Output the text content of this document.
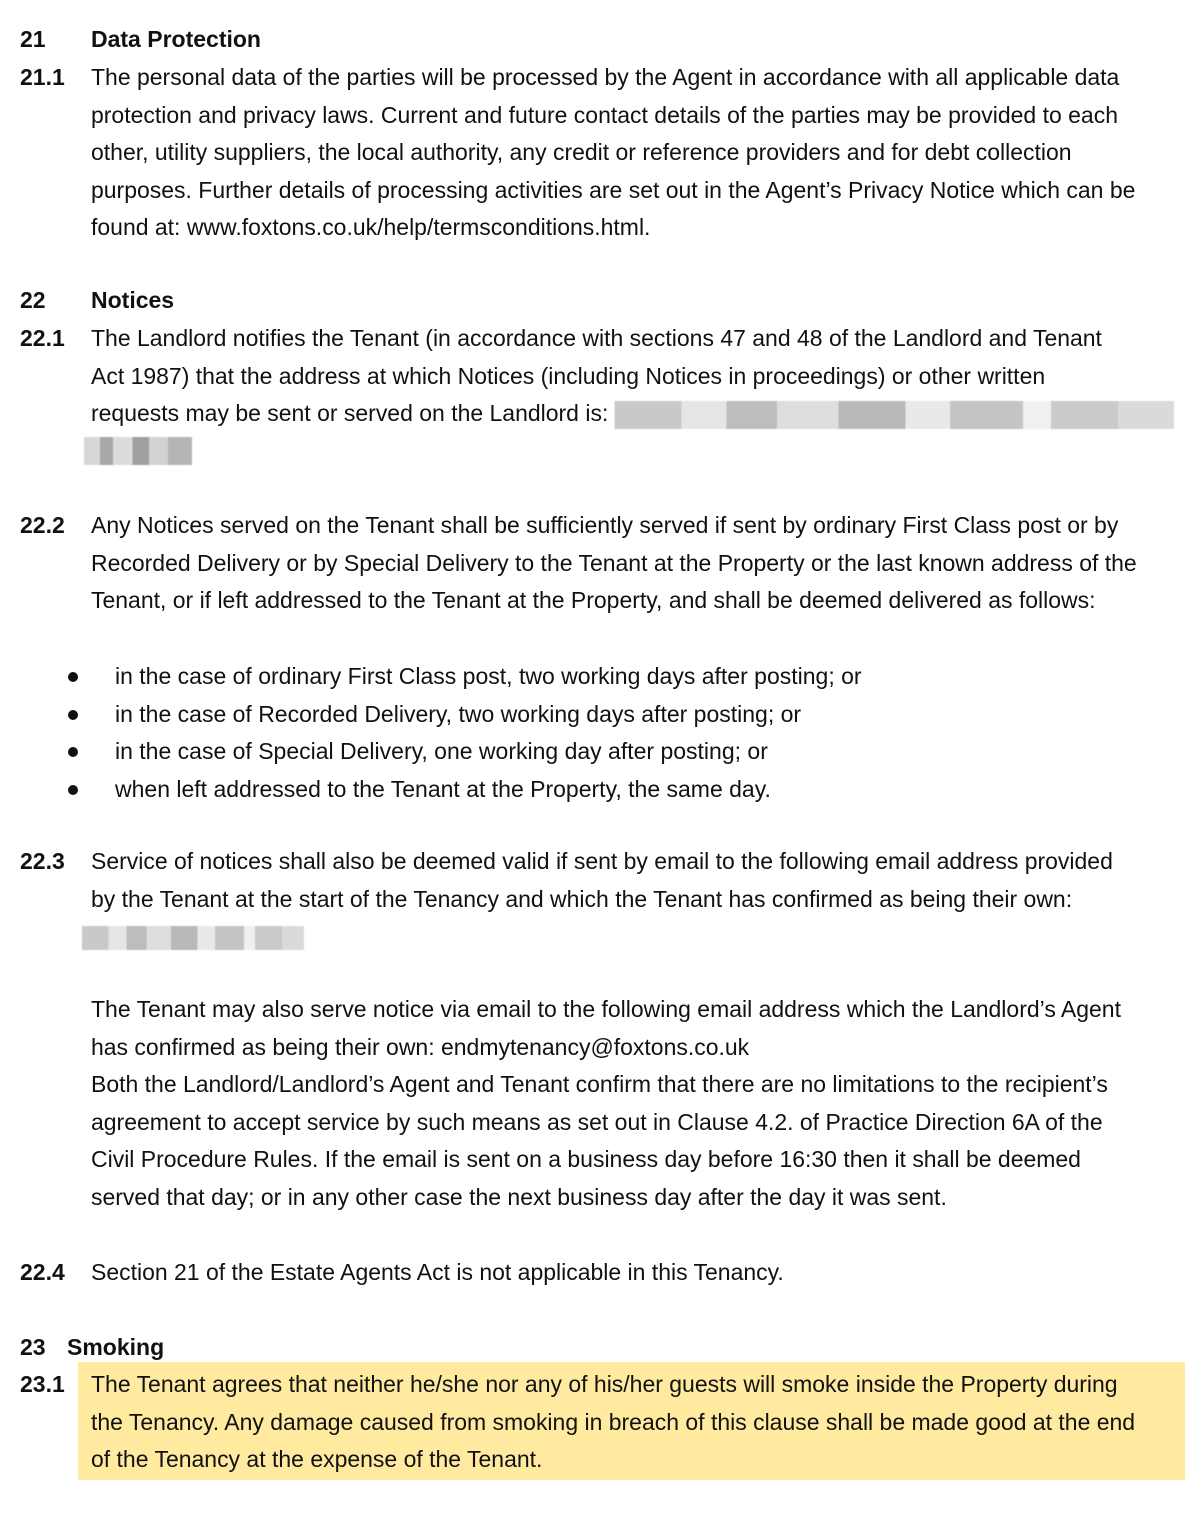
21 Data Protection
21.1 The personal data of the parties will be processed by the Agent in accordance with all applicable data
protection and privacy laws. Current and future contact details of the parties may be provided to each
other, utility suppliers, the local authority, any credit or reference providers and for debt collection
purposes. Further details of processing activities are set out in the Agent’s Privacy Notice which can be
found at: www.foxtons.co.uk/help/termsconditions.html.
22 Notices
22.1 The Landlord notifies the Tenant (in accordance with sections 47 and 48 of the Landlord and Tenant
Act 1987) that the address at which Notices (including Notices in proceedings) or other written
requests may be sent or served on the Landlord is:
22.2 Any Notices served on the Tenant shall be sufficiently served if sent by ordinary First Class post or by
Recorded Delivery or by Special Delivery to the Tenant at the Property or the last known address of the
Tenant, or if left addressed to the Tenant at the Property, and shall be deemed delivered as follows:
in the case of ordinary First Class post, two working days after posting; or
in the case of Recorded Delivery, two working days after posting; or
in the case of Special Delivery, one working day after posting; or
when left addressed to the Tenant at the Property, the same day.
22.3 Service of notices shall also be deemed valid if sent by email to the following email address provided
by the Tenant at the start of the Tenancy and which the Tenant has confirmed as being their own:
The Tenant may also serve notice via email to the following email address which the Landlord’s Agent
has confirmed as being their own: endmytenancy@foxtons.co.uk
Both the Landlord/Landlord’s Agent and Tenant confirm that there are no limitations to the recipient’s
agreement to accept service by such means as set out in Clause 4.2. of Practice Direction 6A of the
Civil Procedure Rules. If the email is sent on a business day before 16:30 then it shall be deemed
served that day; or in any other case the next business day after the day it was sent.
22.4 Section 21 of the Estate Agents Act is not applicable in this Tenancy.
23 Smoking
23.1 The Tenant agrees that neither he/she nor any of his/her guests will smoke inside the Property during
the Tenancy. Any damage caused from smoking in breach of this clause shall be made good at the end
of the Tenancy at the expense of the Tenant.
